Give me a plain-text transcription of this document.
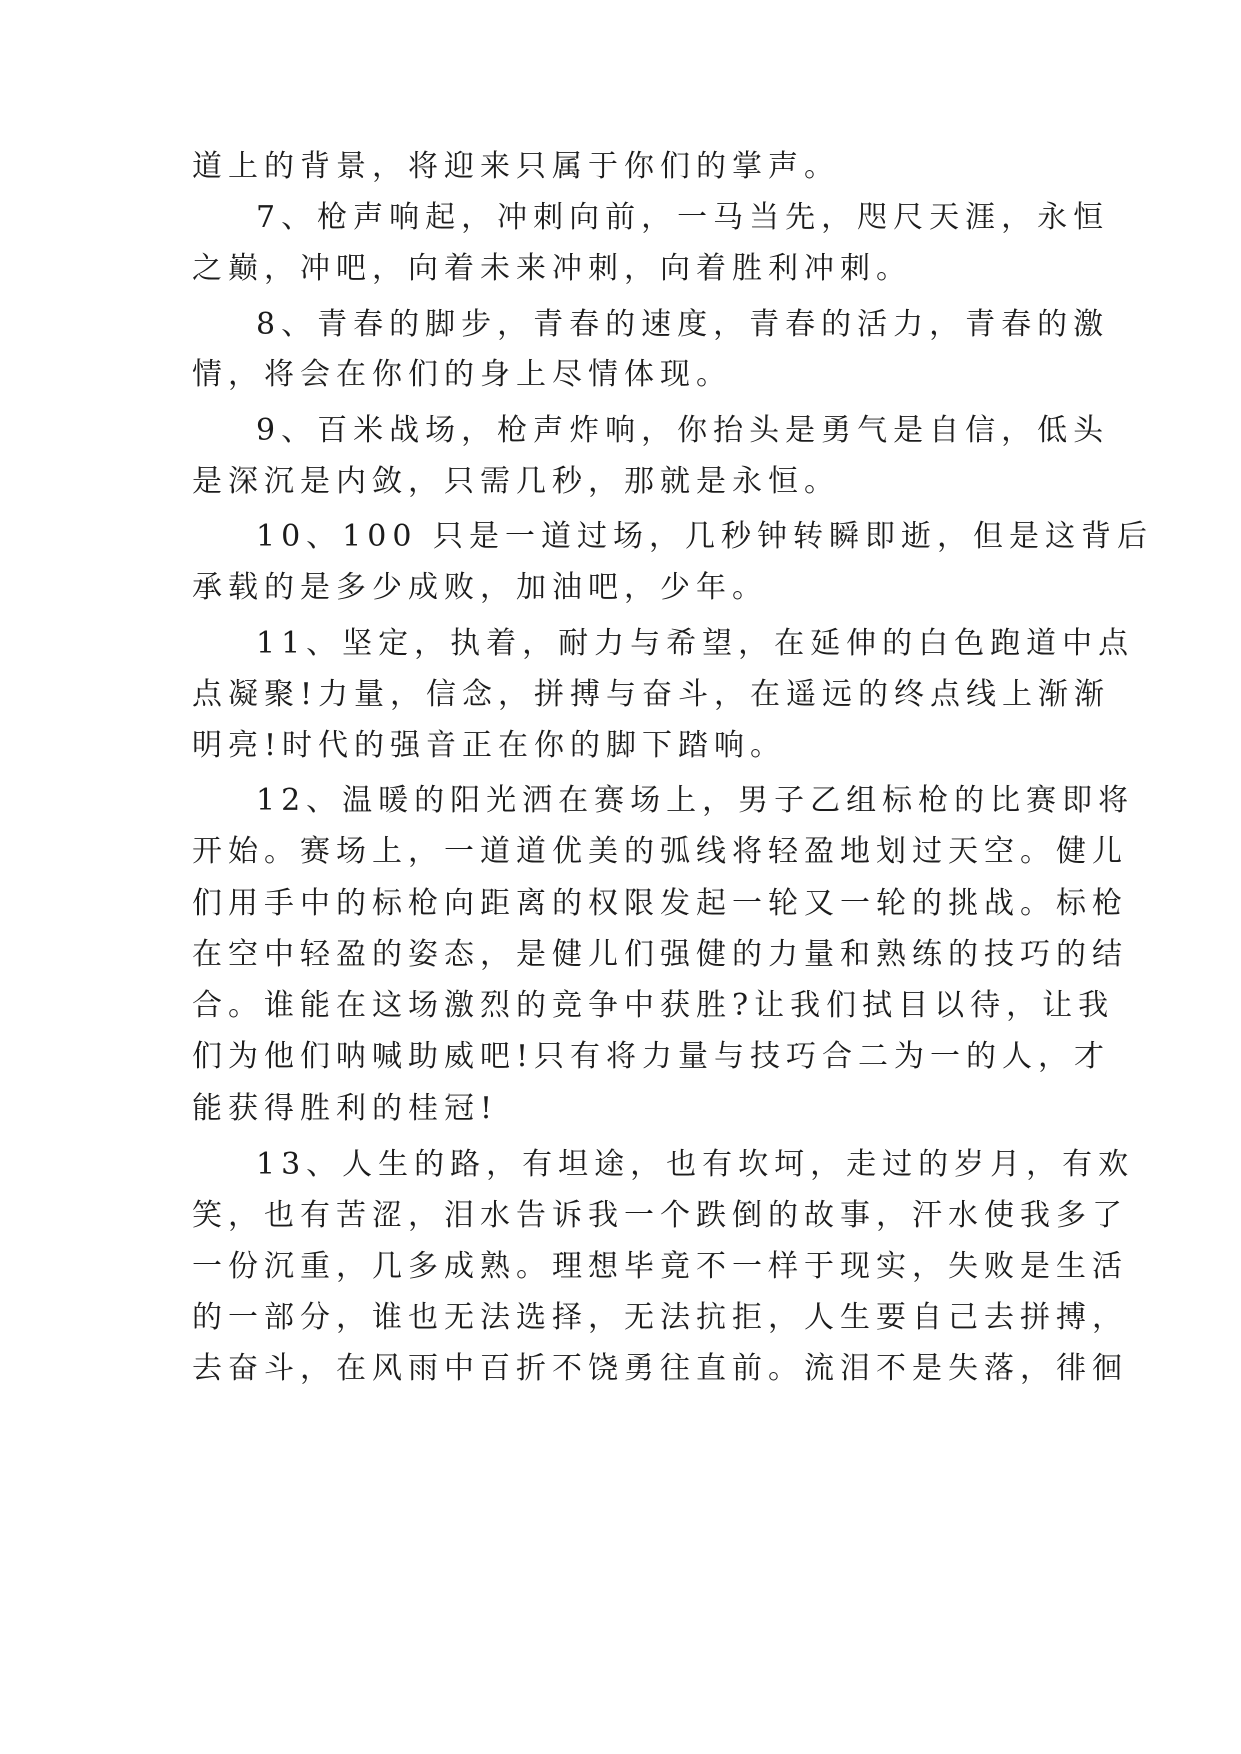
道上的背景，将迎来只属于你们的掌声。
7、枪声响起，冲刺向前，一马当先，咫尺天涯，永恒
之巅，冲吧，向着未来冲刺，向着胜利冲刺。
8、青春的脚步，青春的速度，青春的活力，青春的激
情，将会在你们的身上尽情体现。
9、百米战场，枪声炸响，你抬头是勇气是自信，低头
是深沉是内敛，只需几秒，那就是永恒。
10、100 只是一道过场，几秒钟转瞬即逝，但是这背后
承载的是多少成败，加油吧，少年。
11、坚定，执着，耐力与希望，在延伸的白色跑道中点
点凝聚!力量，信念，拼搏与奋斗，在遥远的终点线上渐渐
明亮!时代的强音正在你的脚下踏响。
12、温暖的阳光洒在赛场上，男子乙组标枪的比赛即将
开始。赛场上，一道道优美的弧线将轻盈地划过天空。健儿
们用手中的标枪向距离的权限发起一轮又一轮的挑战。标枪
在空中轻盈的姿态，是健儿们强健的力量和熟练的技巧的结
合。谁能在这场激烈的竞争中获胜?让我们拭目以待，让我
们为他们呐喊助威吧!只有将力量与技巧合二为一的人，才
能获得胜利的桂冠!
13、人生的路，有坦途，也有坎坷，走过的岁月，有欢
笑，也有苦涩，泪水告诉我一个跌倒的故事，汗水使我多了
一份沉重，几多成熟。理想毕竟不一样于现实，失败是生活
的一部分，谁也无法选择，无法抗拒，人生要自己去拼搏，
去奋斗，在风雨中百折不饶勇往直前。流泪不是失落，徘徊
